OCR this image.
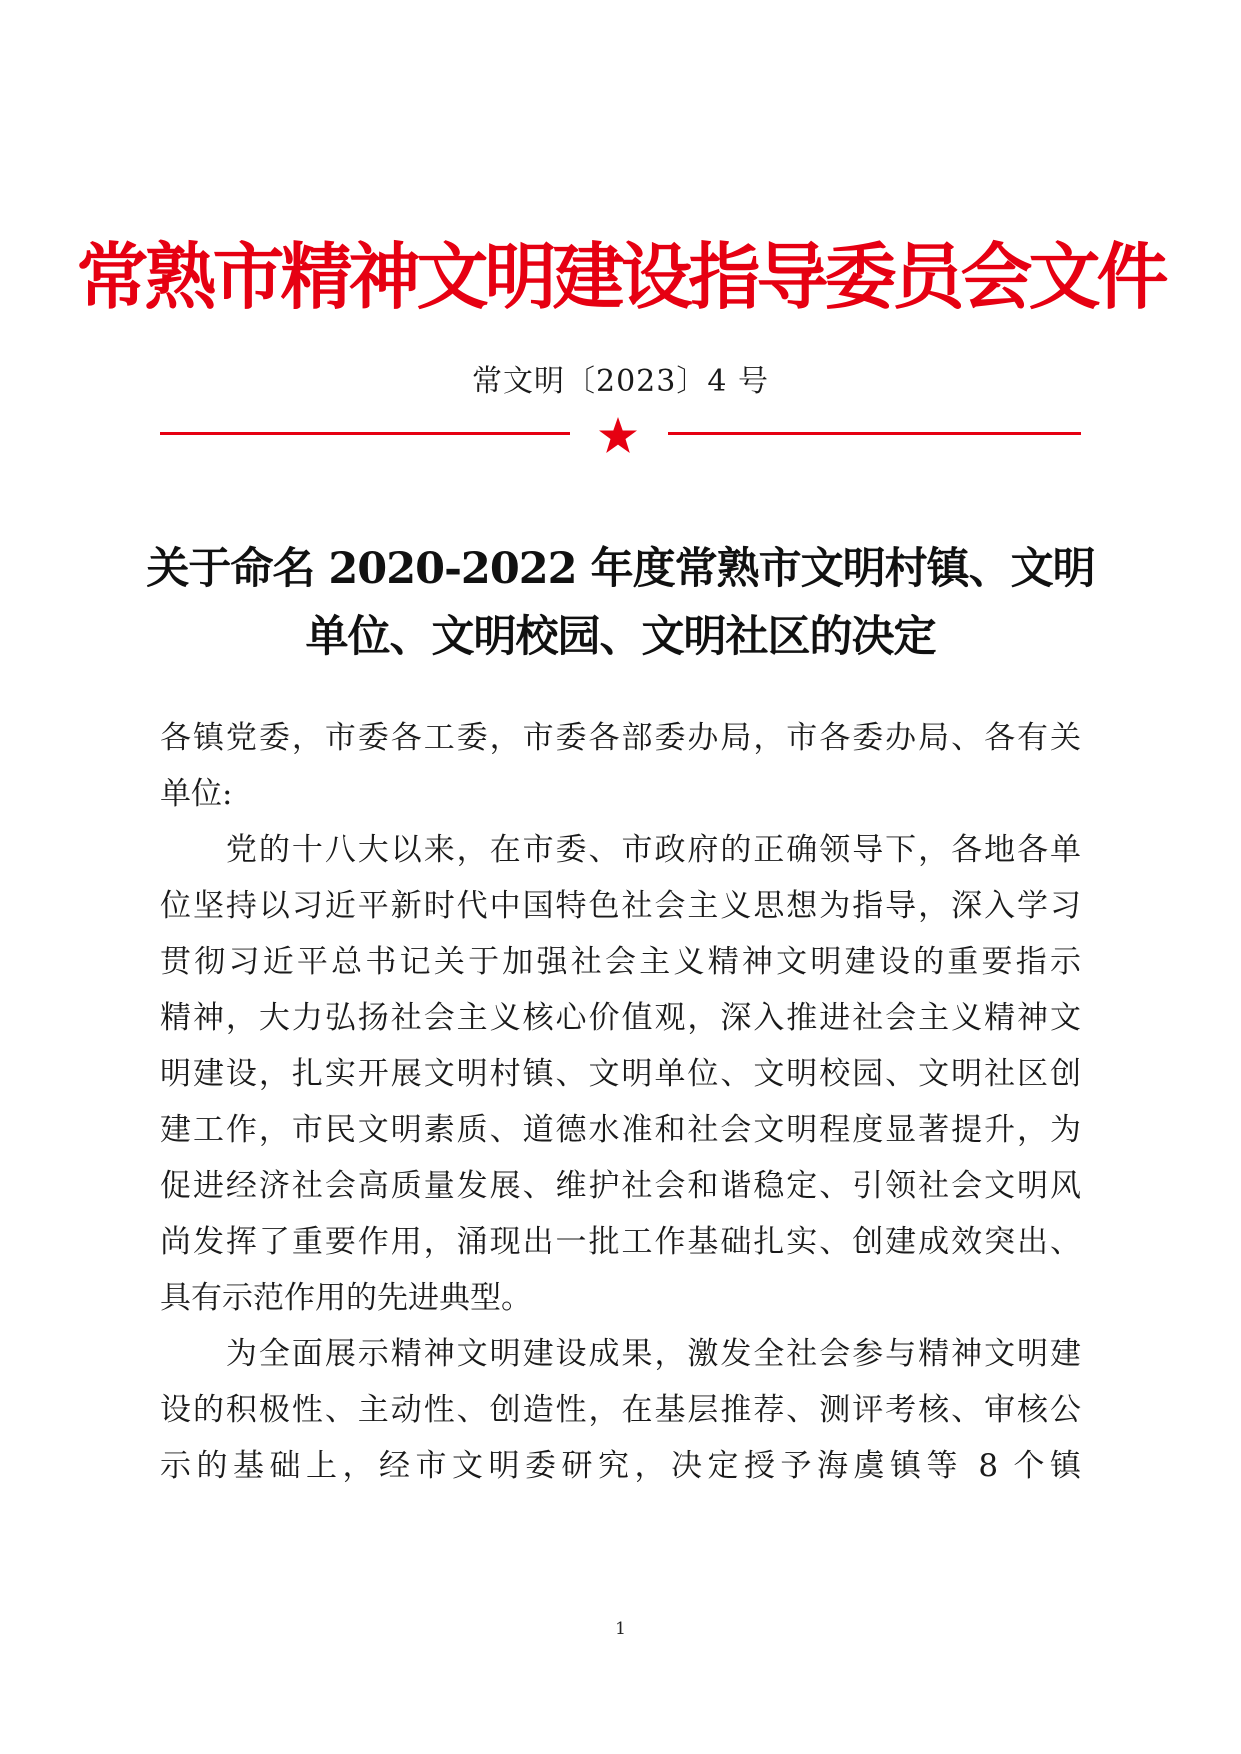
常熟市精神文明建设指导委员会文件
常文明〔2023〕4 号
关于命名 2020-2022 年度常熟市文明村镇、文明
单位、文明校园、文明社区的决定
各镇党委，市委各工委，市委各部委办局，市各委办局、各有关
单位:
　　党的十八大以来，在市委、市政府的正确领导下，各地各单
位坚持以习近平新时代中国特色社会主义思想为指导，深入学习
贯彻习近平总书记关于加强社会主义精神文明建设的重要指示
精神，大力弘扬社会主义核心价值观，深入推进社会主义精神文
明建设，扎实开展文明村镇、文明单位、文明校园、文明社区创
建工作，市民文明素质、道德水准和社会文明程度显著提升，为
促进经济社会高质量发展、维护社会和谐稳定、引领社会文明风
尚发挥了重要作用，涌现出一批工作基础扎实、创建成效突出、
具有示范作用的先进典型。
　　为全面展示精神文明建设成果，激发全社会参与精神文明建
设的积极性、主动性、创造性，在基层推荐、测评考核、审核公
示的基础上，经市文明委研究，决定授予海虞镇等 8 个镇
1
